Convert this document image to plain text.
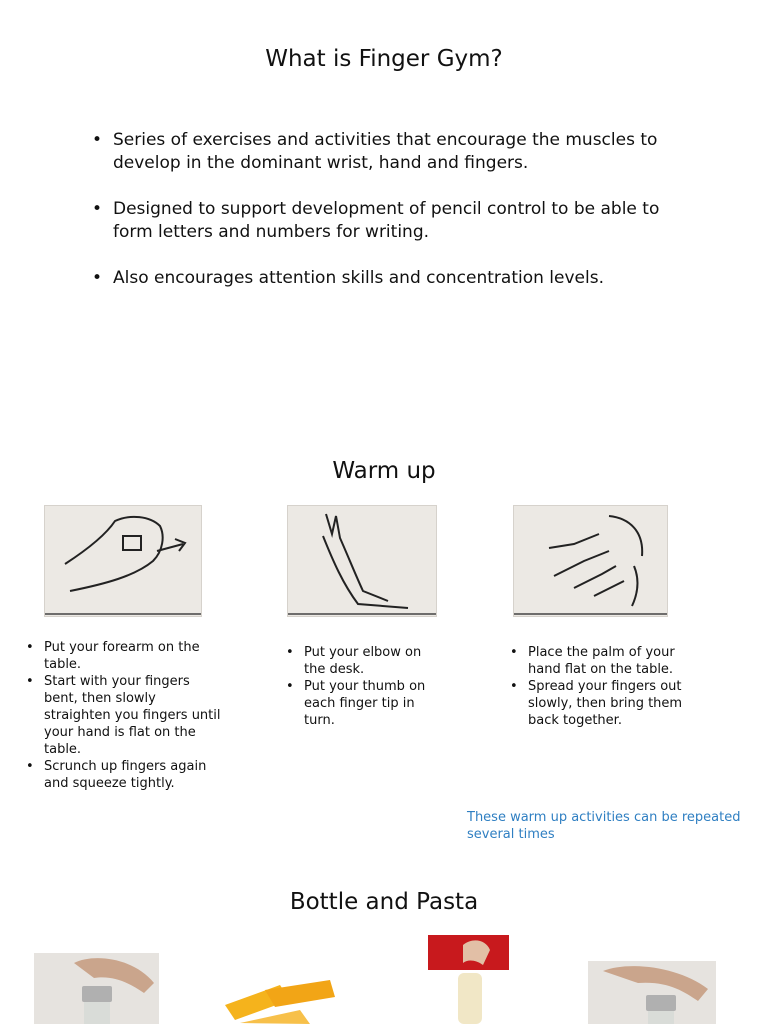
What is Finger Gym?
• Series of exercises and activities that encourage the muscles to develop in the dominant wrist, hand and fingers.
• Designed to support development of pencil control to be able to form letters and numbers for writing.
• Also encourages attention skills and concentration levels.
Warm up
• Put your forearm on the table.
• Start with your fingers bent, then slowly straighten you fingers until your hand is flat on the table.
• Scrunch up fingers again and squeeze tightly.
• Put your elbow on the desk.
• Put your thumb on each finger tip in turn.
• Place the palm of your hand flat on the table.
• Spread your fingers out slowly, then bring them back together.
These warm up activities can be repeated several times
Bottle and Pasta
